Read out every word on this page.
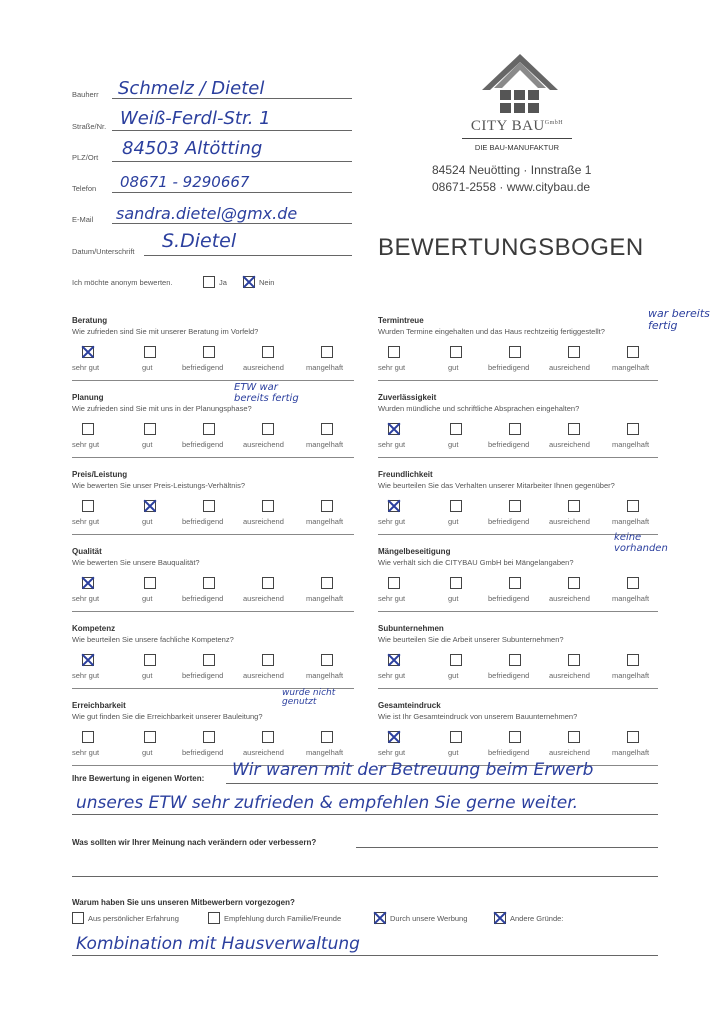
Bauherr Schmelz / Dietel
Straße/Nr. Weiß-Ferdl-Str. 1
PLZ/Ort 84503 Altötting
Telefon 08671 - 9290667
E-Mail sandra.dietel@gmx.de
Datum/Unterschrift S.Dietel
CITY $BAU^{GmbH}$
DIE BAU-MANUFAKTUR
84524 Neuötting · Innstraße 1
08671-2558 · www.citybau.de
BEWERTUNGSBOGEN
Ich möchte anonym bewerten.	Ja	Nein
Beratung
Wie zufrieden sind Sie mit unserer Beratung im Vorfeld?
sehr gut	gut	befriedigend	ausreichend	mangelhaft
Termintreue
Wurden Termine eingehalten und das Haus rechtzeitig fertiggestellt?
sehr gut	gut	befriedigend	ausreichend	mangelhaft
war bereits fertig
Planung
Wie zufrieden sind Sie mit uns in der Planungsphase?
sehr gut	gut	befriedigend	ausreichend	mangelhaft
ETW war bereits fertig	Zuverlässigkeit
Wurden mündliche und schriftliche Absprachen eingehalten?
sehr gut	gut	befriedigend	ausreichend	mangelhaft
Preis/Leistung
Wie bewerten Sie unser Preis-Leistungs-Verhältnis?
sehr gut	gut	befriedigend	ausreichend	mangelhaft
Freundlichkeit
Wie beurteilen Sie das Verhalten unserer Mitarbeiter Ihnen gegenüber?
sehr gut	gut	befriedigend	ausreichend	mangelhaft
Qualität
Wie bewerten Sie unsere Bauqualität?
sehr gut	gut	befriedigend	ausreichend	mangelhaft
Mängelbeseitigung
Wie verhält sich die CITYBAU GmbH bei Mängelangaben?
sehr gut	gut	befriedigend	ausreichend	mangelhaft
keine vorhanden
Kompetenz
Wie beurteilen Sie unsere fachliche Kompetenz?
sehr gut	gut	befriedigend	ausreichend	mangelhaft
Subunternehmen
Wie beurteilen Sie die Arbeit unserer Subunternehmen?
sehr gut	gut	befriedigend	ausreichend	mangelhaft
Erreichbarkeit
Wie gut finden Sie die Erreichbarkeit unserer Bauleitung?
sehr gut	gut	befriedigend	ausreichend	mangelhaft
wurde nicht genutzt	Gesamteindruck
Wie ist Ihr Gesamteindruck von unserem Bauunternehmen?
sehr gut	gut	befriedigend	ausreichend	mangelhaft
Ihre Bewertung in eigenen Worten: Wir waren mit der Betreuung beim Erwerb
unseres ETW sehr zufrieden & empfehlen Sie gerne weiter.
Was sollten wir Ihrer Meinung nach verändern oder verbessern?
Warum haben Sie uns unseren Mitbewerbern vorgezogen?
Aus persönlicher Erfahrung	Empfehlung durch Familie/Freunde	Durch unsere Werbung	Andere Gründe:
Kombination mit Hausverwaltung
